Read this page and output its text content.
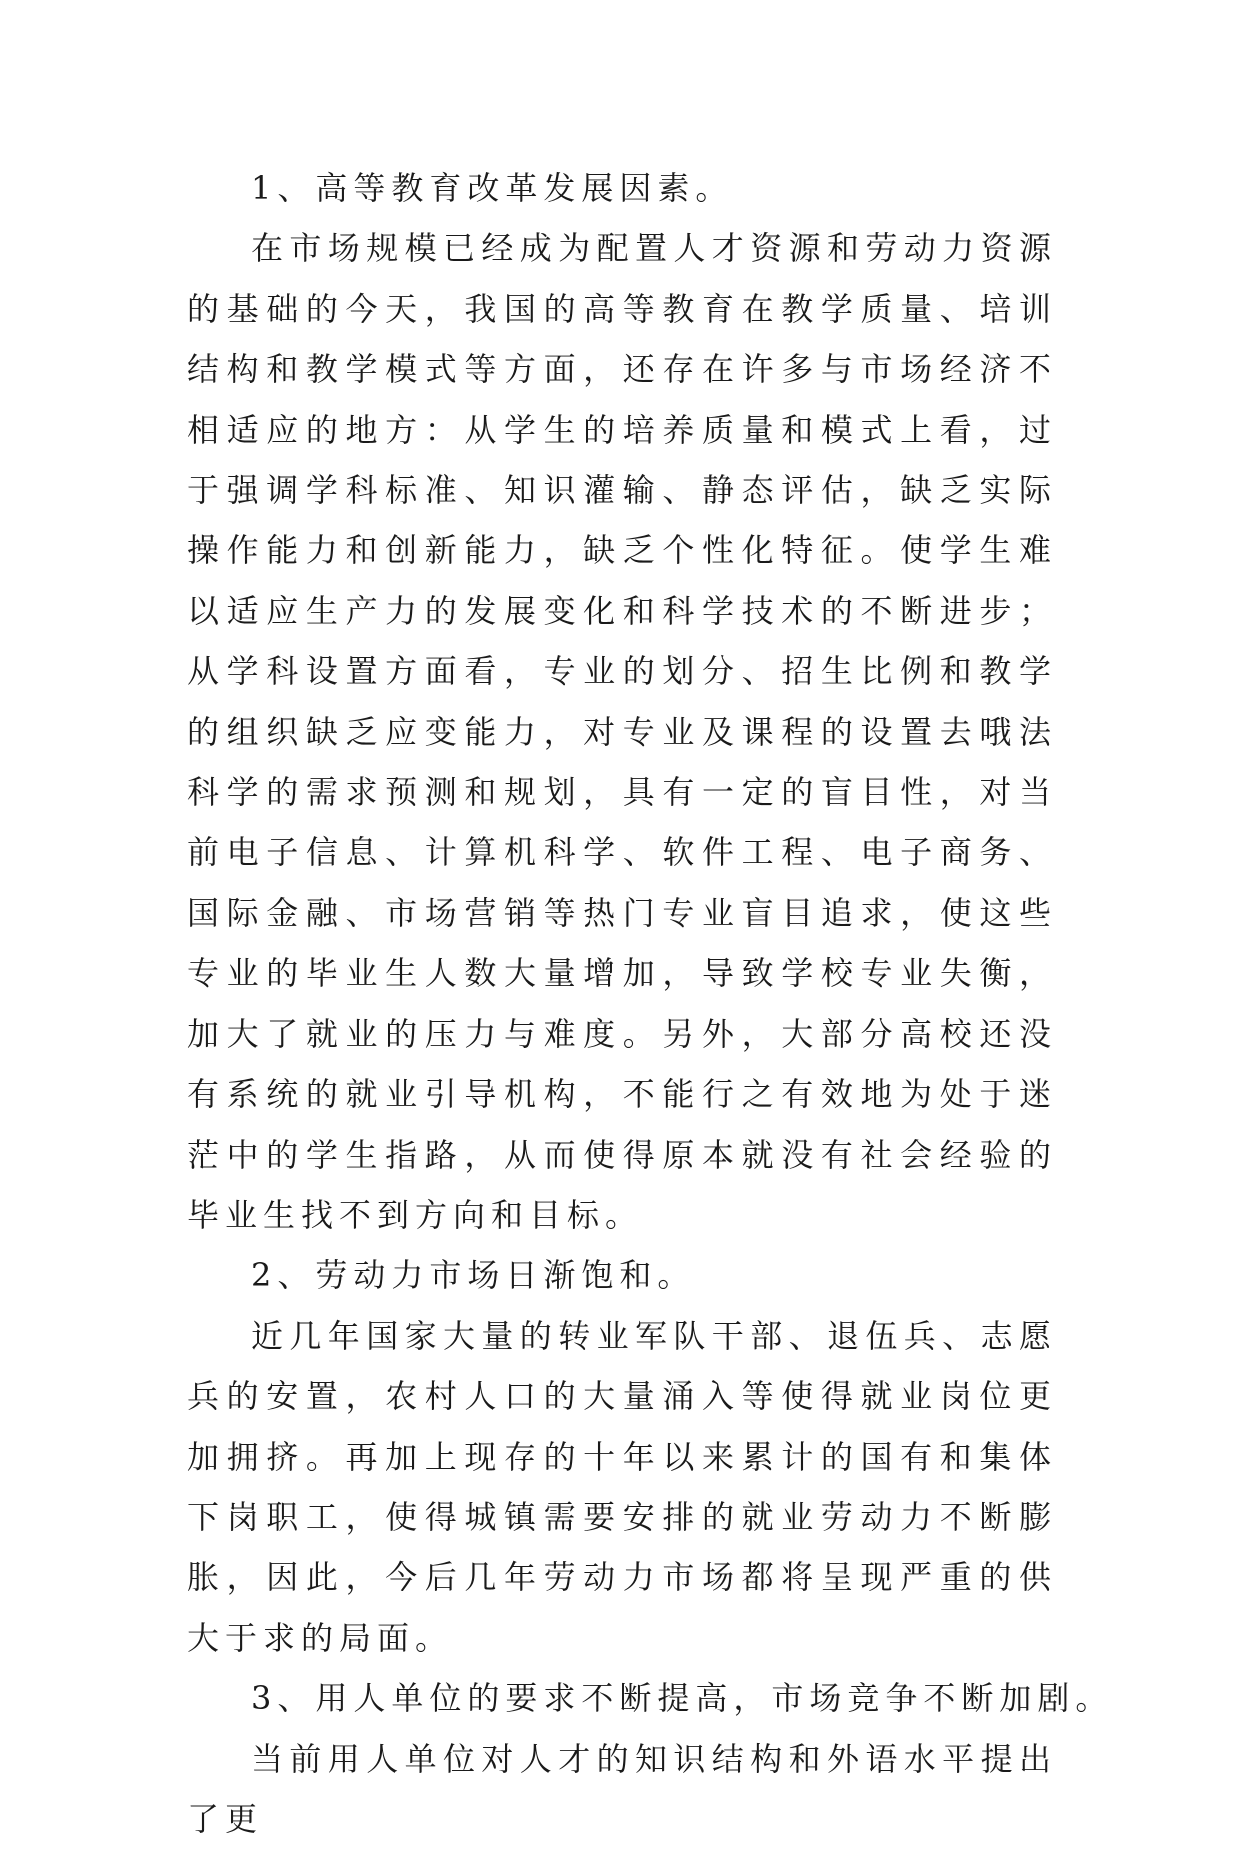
1、高等教育改革发展因素。

在市场规模已经成为配置人才资源和劳动力资源的基础的今天，我国的高等教育在教学质量、培训结构和教学模式等方面，还存在许多与市场经济不相适应的地方：从学生的培养质量和模式上看，过于强调学科标准、知识灌输、静态评估，缺乏实际操作能力和创新能力，缺乏个性化特征。使学生难以适应生产力的发展变化和科学技术的不断进步；从学科设置方面看，专业的划分、招生比例和教学的组织缺乏应变能力，对专业及课程的设置去哦法科学的需求预测和规划，具有一定的盲目性，对当前电子信息、计算机科学、软件工程、电子商务、国际金融、市场营销等热门专业盲目追求，使这些专业的毕业生人数大量增加，导致学校专业失衡，加大了就业的压力与难度。另外，大部分高校还没有系统的就业引导机构，不能行之有效地为处于迷茫中的学生指路，从而使得原本就没有社会经验的毕业生找不到方向和目标。

2、劳动力市场日渐饱和。

近几年国家大量的转业军队干部、退伍兵、志愿兵的安置，农村人口的大量涌入等使得就业岗位更加拥挤。再加上现存的十年以来累计的国有和集体下岗职工，使得城镇需要安排的就业劳动力不断膨胀，因此，今后几年劳动力市场都将呈现严重的供大于求的局面。

3、用人单位的要求不断提高，市场竞争不断加剧。

当前用人单位对人才的知识结构和外语水平提出了更
